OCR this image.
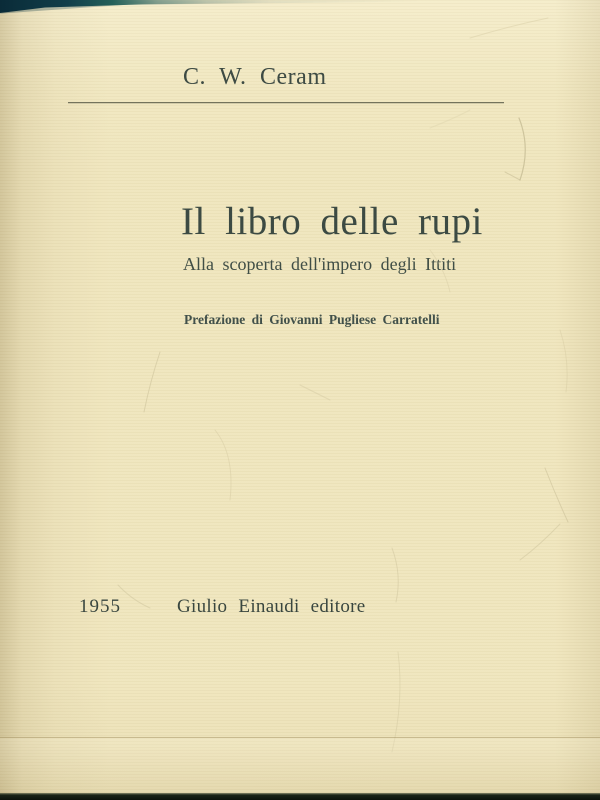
C. W. Ceram
Il libro delle rupi
Alla scoperta dell'impero degli Ittiti
Prefazione di Giovanni Pugliese Carratelli
1955	Giulio Einaudi editore
